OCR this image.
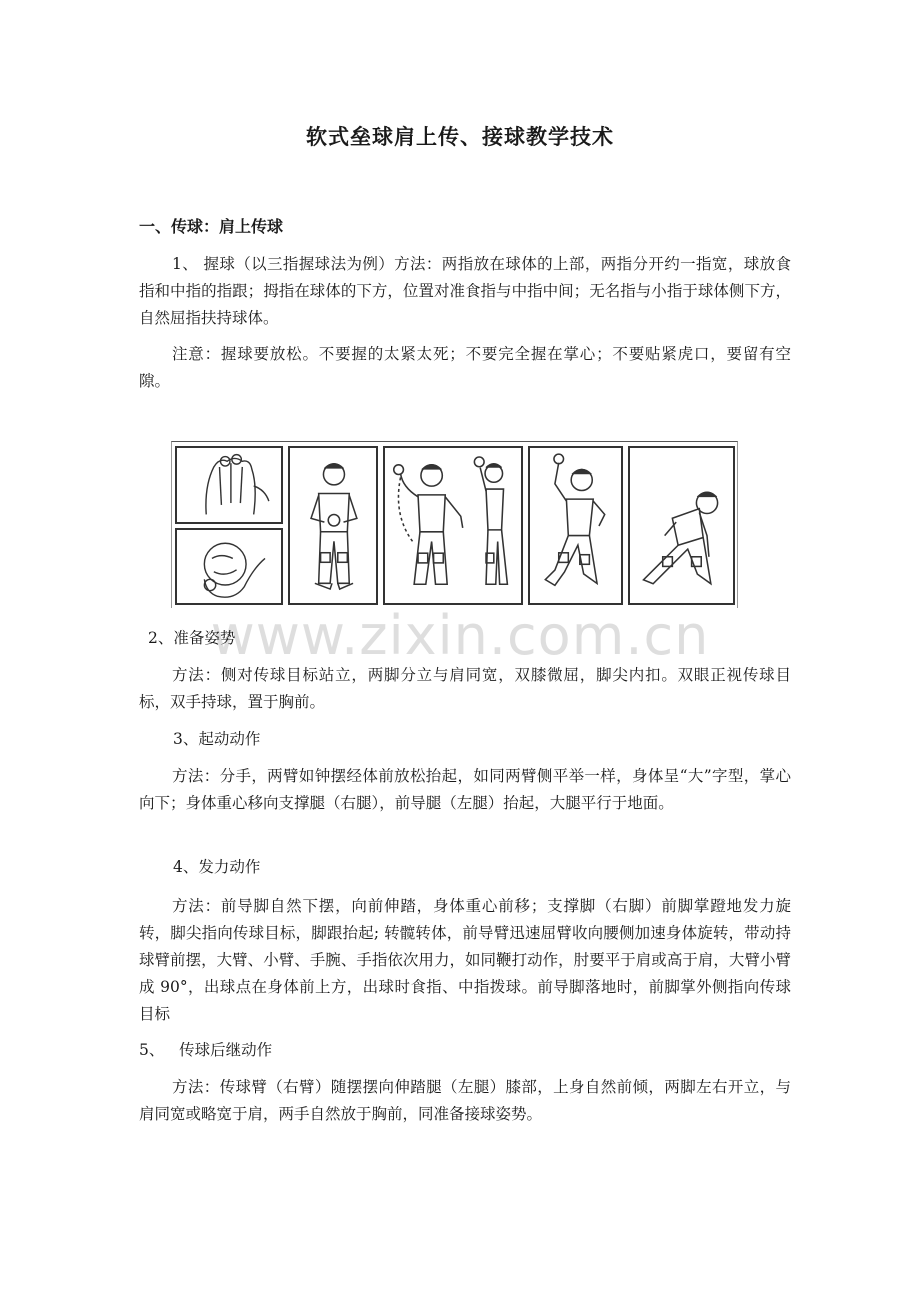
软式垒球肩上传、接球教学技术
一、传球：肩上传球
1、 握球（以三指握球法为例）方法：两指放在球体的上部，两指分开约一指宽，球放食指和中指的指跟；拇指在球体的下方，位置对准食指与中指中间；无名指与小指于球体侧下方，自然屈指扶持球体。
注意：握球要放松。不要握的太紧太死；不要完全握在掌心；不要贴紧虎口，要留有空隙。
www.zixin.com.cn
2、准备姿势
方法：侧对传球目标站立，两脚分立与肩同宽，双膝微屈，脚尖内扣。双眼正视传球目标，双手持球，置于胸前。
3、起动动作
方法：分手，两臂如钟摆经体前放松抬起，如同两臂侧平举一样，身体呈“大”字型，掌心向下；身体重心移向支撑腿（右腿），前导腿（左腿）抬起，大腿平行于地面。
4、发力动作
方法：前导脚自然下摆，向前伸踏，身体重心前移；支撑脚（右脚）前脚掌蹬地发力旋转，脚尖指向传球目标，脚跟抬起; 转髋转体，前导臂迅速屈臂收向腰侧加速身体旋转，带动持球臂前摆，大臂、小臂、手腕、手指依次用力，如同鞭打动作，肘要平于肩或高于肩，大臂小臂成 90°，出球点在身体前上方，出球时食指、中指拨球。前导脚落地时，前脚掌外侧指向传球目标
5、   传球后继动作
方法：传球臂（右臂）随摆摆向伸踏腿（左腿）膝部，上身自然前倾，两脚左右开立，与肩同宽或略宽于肩，两手自然放于胸前，同准备接球姿势。
